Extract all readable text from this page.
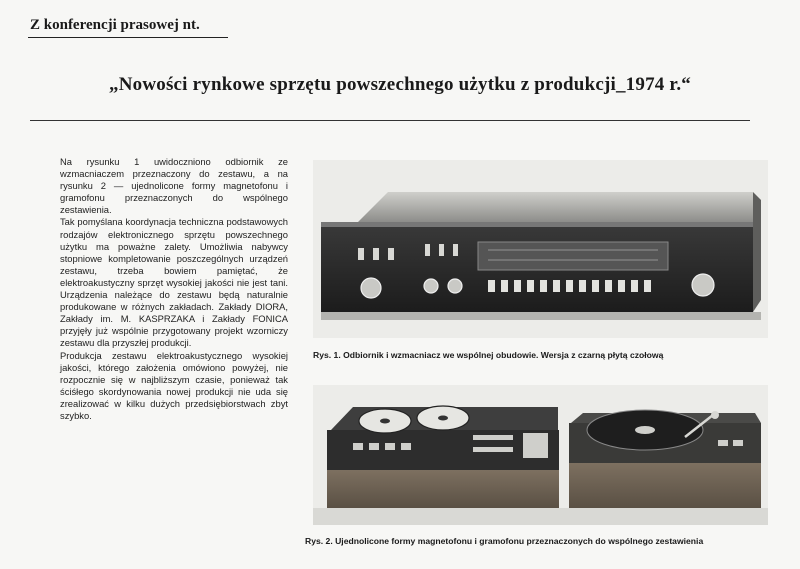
Z konferencji prasowej nt.
„Nowości rynkowe sprzętu powszechnego użytku z produkcji_1974 r.“

Na rysunku 1 uwidoczniono odbiornik ze wzmacniaczem przeznaczony do zestawu, a na rysunku 2 — ujednolicone formy magnetofonu i gramofonu przeznaczonych do wspólnego zestawienia.

Tak pomyślana koordynacja techniczna podstawowych rodzajów elektronicznego sprzętu powszechnego użytku ma poważne zalety. Umożliwia nabywcy stopniowe kompletowanie poszczególnych urządzeń zestawu, trzeba bowiem pamiętać, że elektroakustyczny sprzęt wysokiej jakości nie jest tani. Urządzenia należące do zestawu będą naturalnie produkowane w różnych zakładach. Zakłady DIORA, Zakłady im. M. KASPRZAKA i Zakłady FONICA przyjęły już wspólnie przygotowany projekt wzorniczy zestawu dla przyszłej produkcji.

Produkcja zestawu elektroakustycznego wysokiej jakości, którego założenia omówiono powyżej, nie rozpocznie się w najbliższym czasie, ponieważ tak ściśłego skordynowania nowej produkcji nie uda się zrealizować w kilku dużych przedsiębiorstwach zbyt szybko.

Rys. 1. Odbiornik i wzmacniacz we wspólnej obudowie. Wersja z czarną płytą czołową
Rys. 2. Ujednolicone formy magnetofonu i gramofonu przeznaczonych do wspólnego zestawienia
